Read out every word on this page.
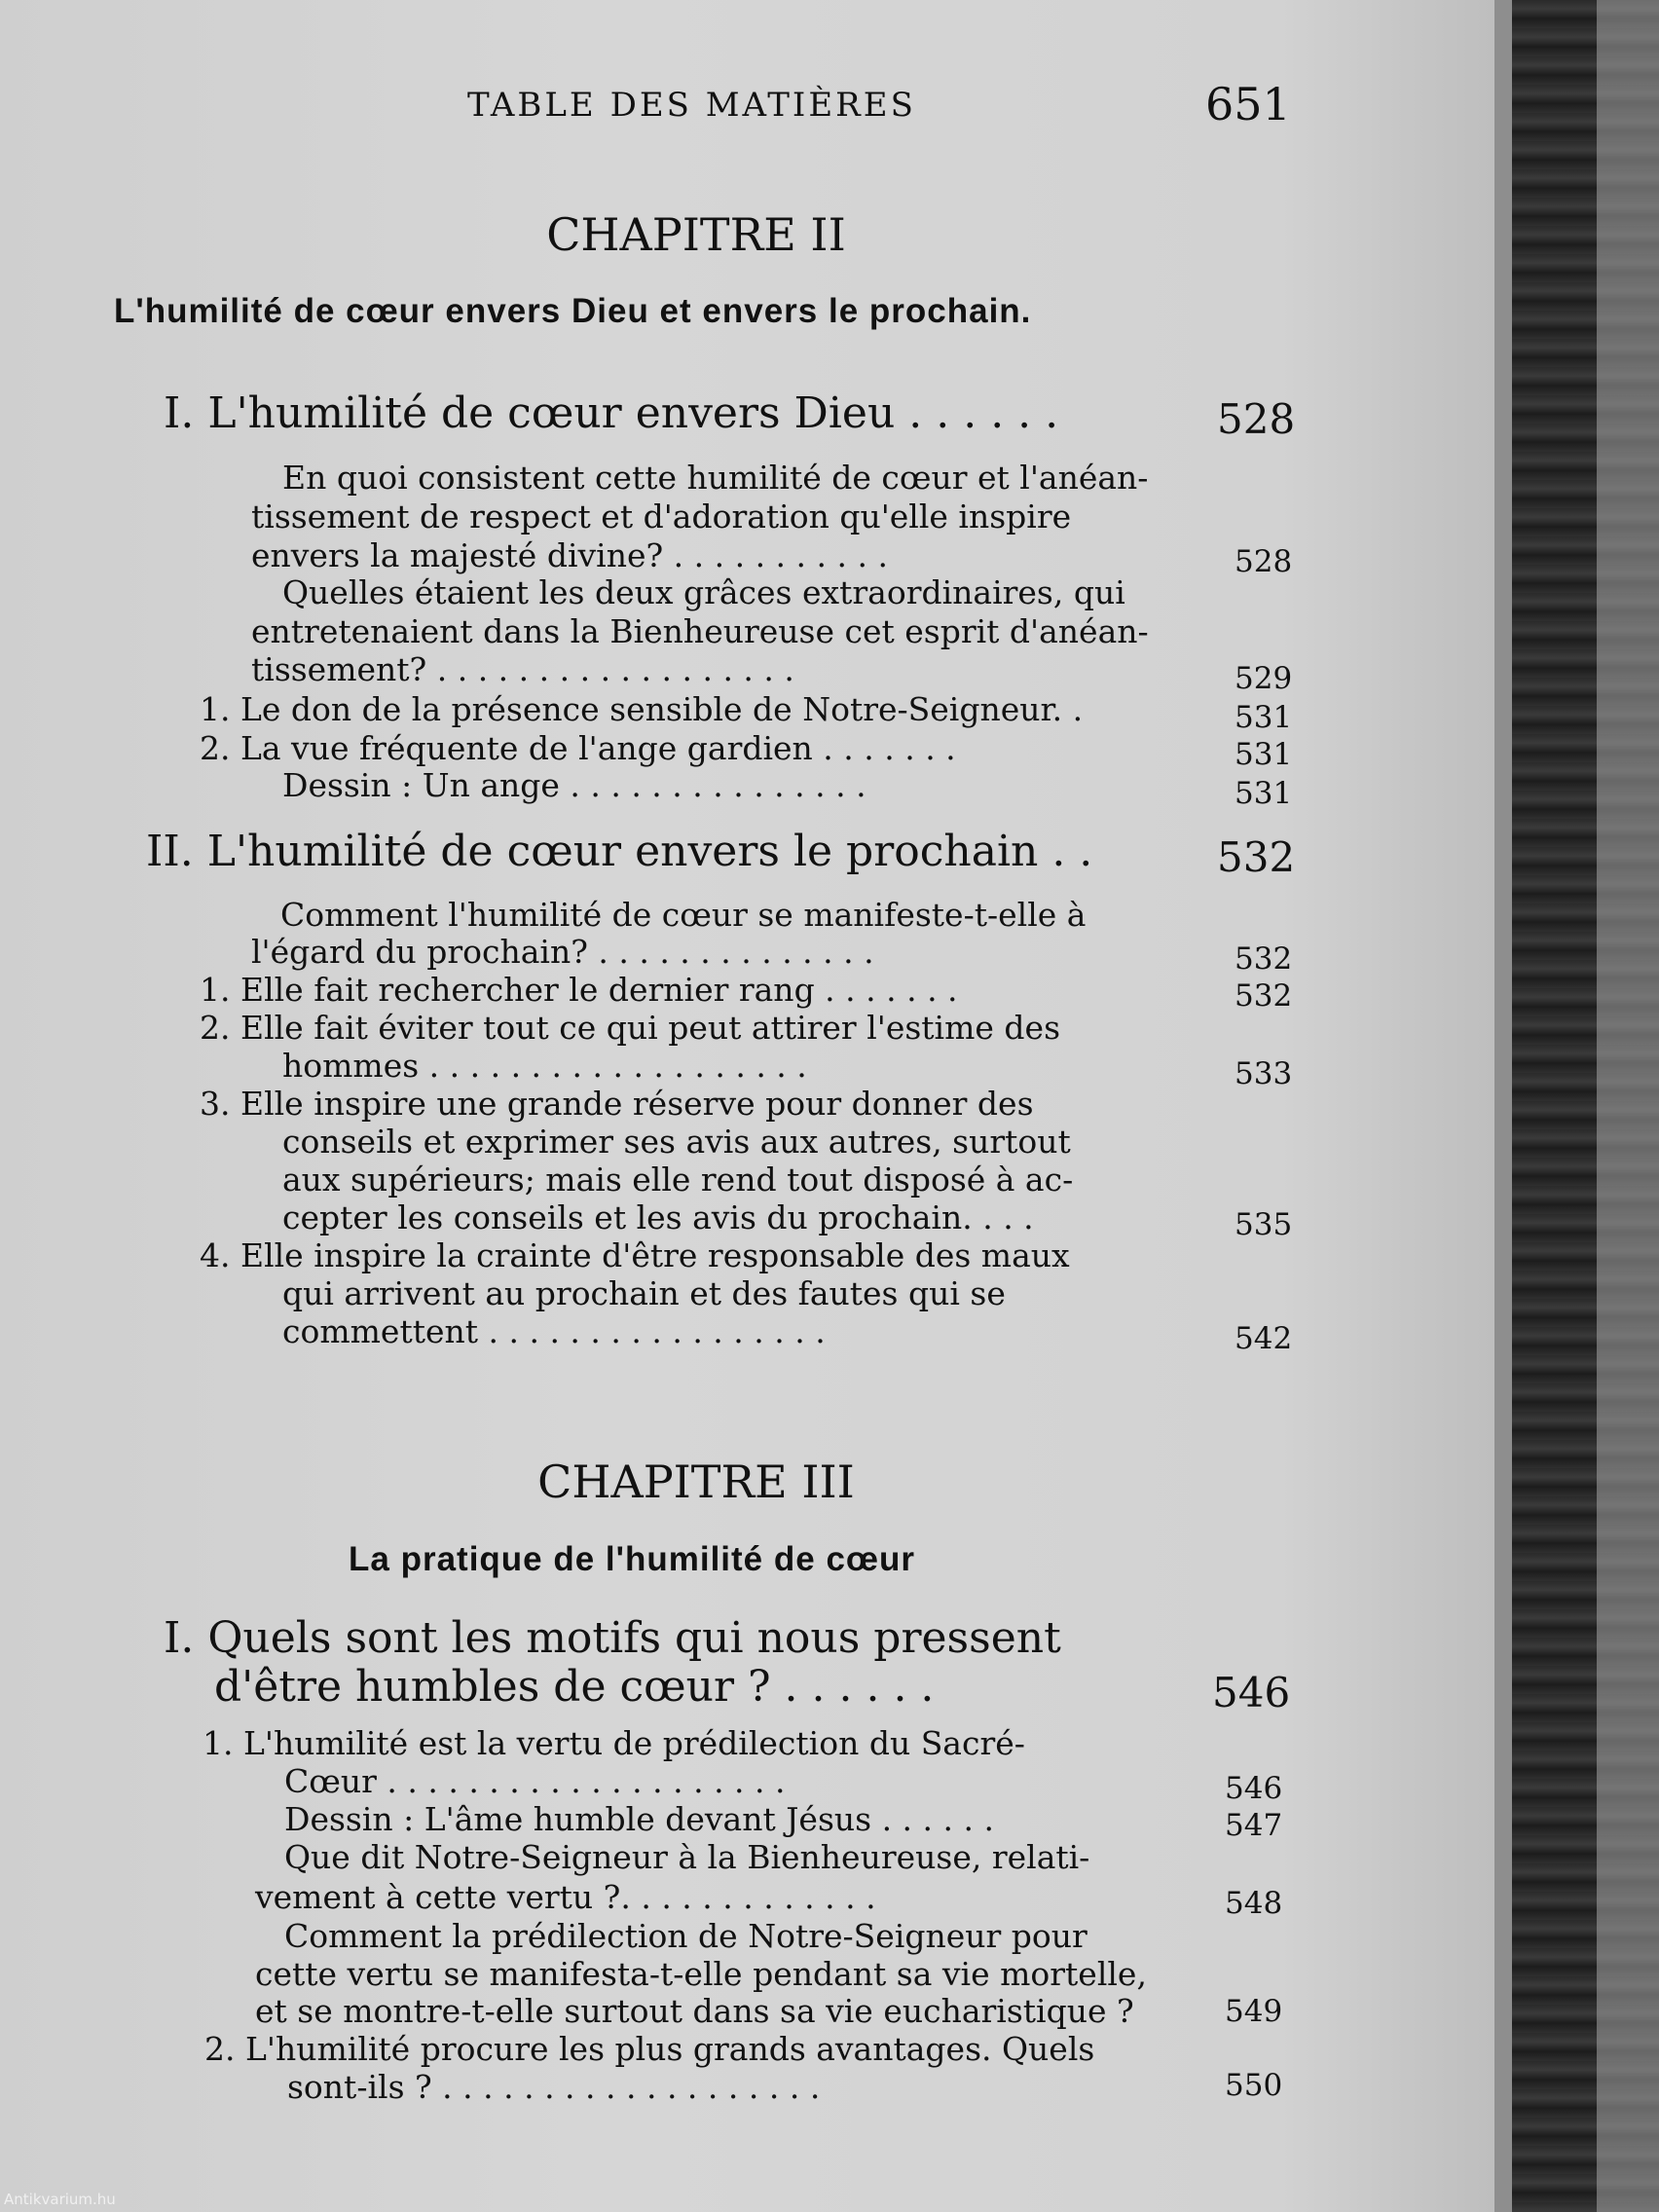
TABLE DES MATIÈRES	651
CHAPITRE II
L'humilité de cœur envers Dieu et envers le prochain.
I. L'humilité de cœur envers Dieu . . . . . .	528
En quoi consistent cette humilité de cœur et l'anéan-
tissement de respect et d'adoration qu'elle inspire
envers la majesté divine? . . . . . . . . . . .	528
Quelles étaient les deux grâces extraordinaires, qui
entretenaient dans la Bienheureuse cet esprit d'anéan-
tissement? . . . . . . . . . . . . . . . . . .	529
1. Le don de la présence sensible de Notre-Seigneur. .	531
2. La vue fréquente de l'ange gardien . . . . . . .	531
Dessin : Un ange . . . . . . . . . . . . . . .	531
II. L'humilité de cœur envers le prochain . .	532
Comment l'humilité de cœur se manifeste-t-elle à
l'égard du prochain? . . . . . . . . . . . . . .	532
1. Elle fait rechercher le dernier rang . . . . . . .	532
2. Elle fait éviter tout ce qui peut attirer l'estime des
hommes . . . . . . . . . . . . . . . . . . .	533
3. Elle inspire une grande réserve pour donner des
conseils et exprimer ses avis aux autres, surtout
aux supérieurs; mais elle rend tout disposé à ac-
cepter les conseils et les avis du prochain. . . .	535
4. Elle inspire la crainte d'être responsable des maux
qui arrivent au prochain et des fautes qui se
commettent . . . . . . . . . . . . . . . . .	542
CHAPITRE III
La pratique de l'humilité de cœur
I. Quels sont les motifs qui nous pressent
d'être humbles de cœur ? . . . . . .	546
1. L'humilité est la vertu de prédilection du Sacré-
Cœur . . . . . . . . . . . . . . . . . . . .	546
Dessin : L'âme humble devant Jésus . . . . . .	547
Que dit Notre-Seigneur à la Bienheureuse, relati-
vement à cette vertu ?. . . . . . . . . . . . .	548
Comment la prédilection de Notre-Seigneur pour
cette vertu se manifesta-t-elle pendant sa vie mortelle,
et se montre-t-elle surtout dans sa vie eucharistique ?	549
2. L'humilité procure les plus grands avantages. Quels
sont-ils ? . . . . . . . . . . . . . . . . . . .	550
Antikvarium.hu
